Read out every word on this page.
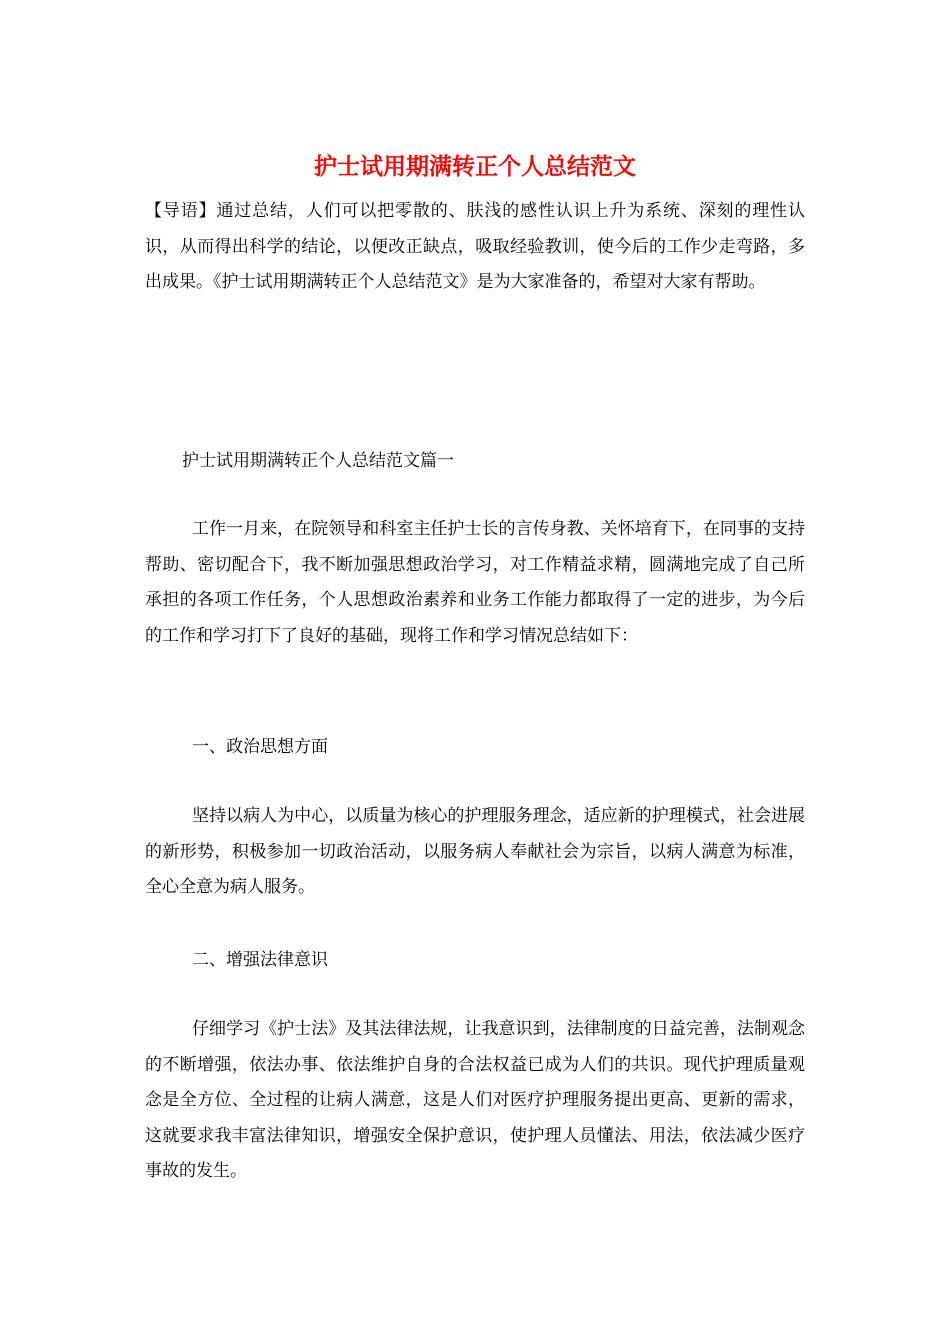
护士试用期满转正个人总结范文
【导语】通过总结，人们可以把零散的、肤浅的感性认识上升为系统、深刻的理性认识，从而得出科学的结论，以便改正缺点，吸取经验教训，使今后的工作少走弯路，多出成果。《护士试用期满转正个人总结范文》是为大家准备的，希望对大家有帮助。
护士试用期满转正个人总结范文篇一
工作一月来，在院领导和科室主任护士长的言传身教、关怀培育下，在同事的支持帮助、密切配合下，我不断加强思想政治学习，对工作精益求精，圆满地完成了自己所承担的各项工作任务，个人思想政治素养和业务工作能力都取得了一定的进步，为今后的工作和学习打下了良好的基础，现将工作和学习情况总结如下：
一、政治思想方面
坚持以病人为中心，以质量为核心的护理服务理念，适应新的护理模式，社会进展的新形势，积极参加一切政治活动，以服务病人奉献社会为宗旨，以病人满意为标准，全心全意为病人服务。
二、增强法律意识
仔细学习《护士法》及其法律法规，让我意识到，法律制度的日益完善，法制观念的不断增强，依法办事、依法维护自身的合法权益已成为人们的共识。现代护理质量观念是全方位、全过程的让病人满意，这是人们对医疗护理服务提出更高、更新的需求，这就要求我丰富法律知识，增强安全保护意识，使护理人员懂法、用法，依法减少医疗事故的发生。
